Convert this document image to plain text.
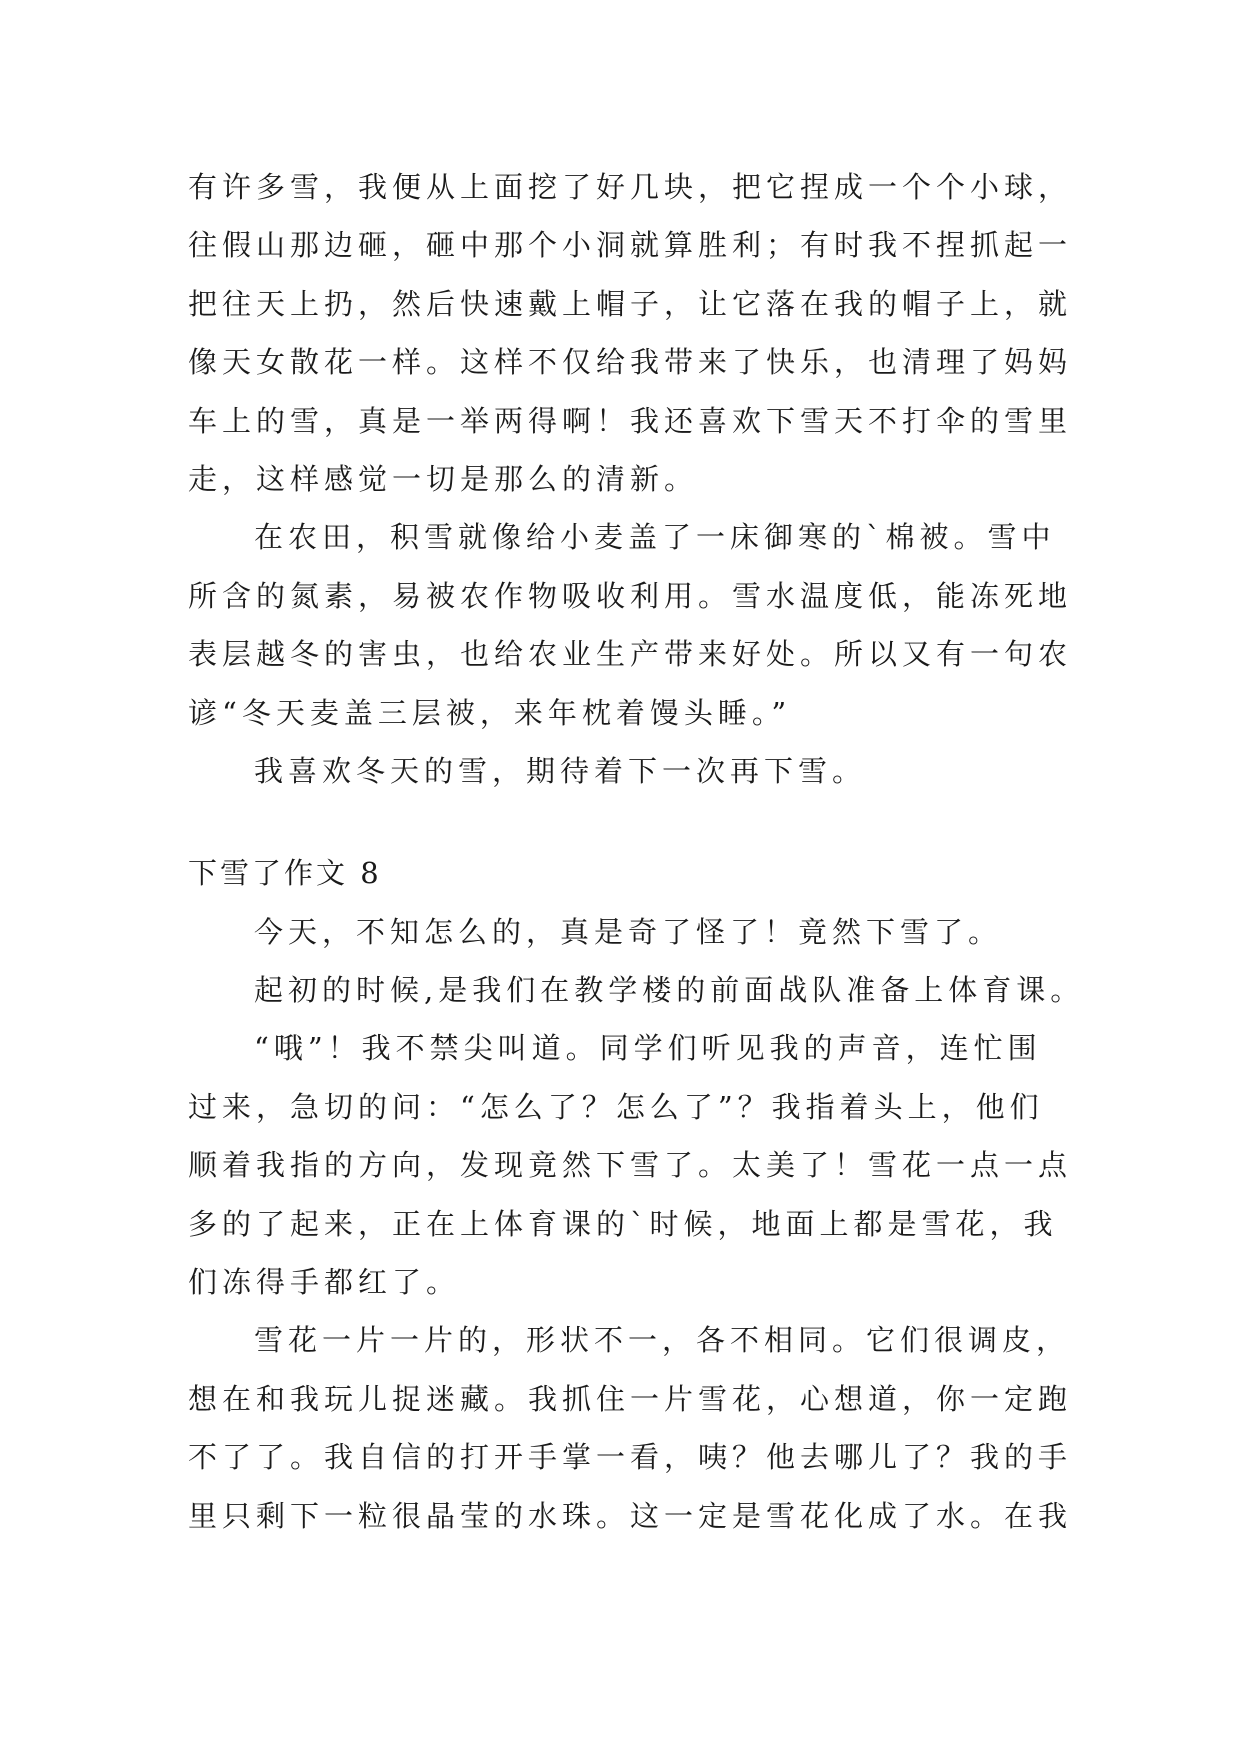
有许多雪，我便从上面挖了好几块，把它捏成一个个小球，
往假山那边砸，砸中那个小洞就算胜利；有时我不捏抓起一
把往天上扔，然后快速戴上帽子，让它落在我的帽子上，就
像天女散花一样。这样不仅给我带来了快乐，也清理了妈妈
车上的雪，真是一举两得啊！我还喜欢下雪天不打伞的雪里
走，这样感觉一切是那么的清新。
在农田，积雪就像给小麦盖了一床御寒的`棉被。雪中
所含的氮素，易被农作物吸收利用。雪水温度低，能冻死地
表层越冬的害虫，也给农业生产带来好处。所以又有一句农
谚“冬天麦盖三层被，来年枕着馒头睡。”
我喜欢冬天的雪，期待着下一次再下雪。
下雪了作文 8
今天，不知怎么的，真是奇了怪了！竟然下雪了。
起初的时候,是我们在教学楼的前面战队准备上体育课。
“哦”！我不禁尖叫道。同学们听见我的声音，连忙围
过来，急切的问：“怎么了？怎么了”？我指着头上，他们
顺着我指的方向，发现竟然下雪了。太美了！雪花一点一点
多的了起来，正在上体育课的`时候，地面上都是雪花，我
们冻得手都红了。
雪花一片一片的，形状不一，各不相同。它们很调皮，
想在和我玩儿捉迷藏。我抓住一片雪花，心想道，你一定跑
不了了。我自信的打开手掌一看，咦？他去哪儿了？我的手
里只剩下一粒很晶莹的水珠。这一定是雪花化成了水。在我
